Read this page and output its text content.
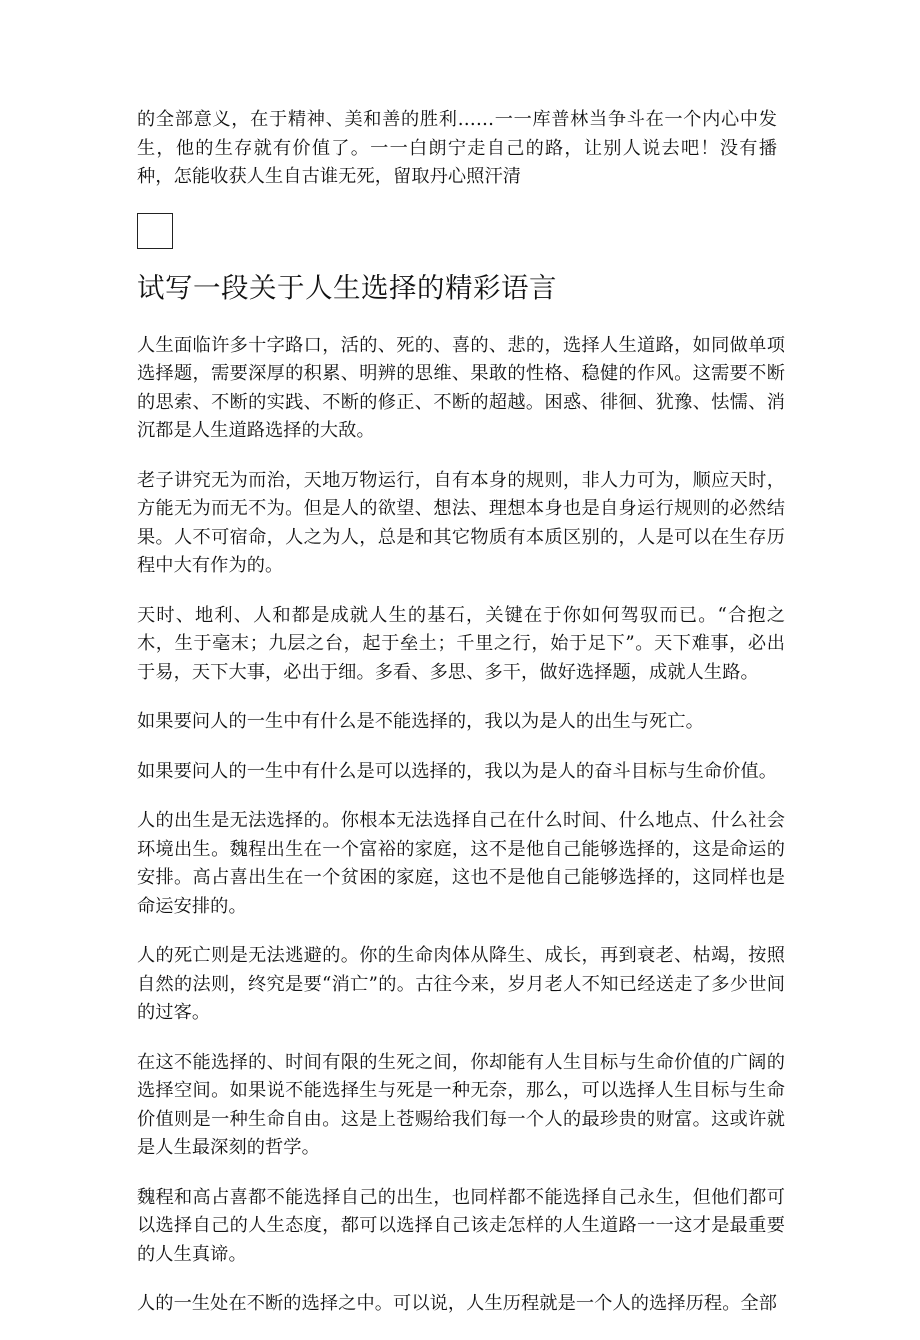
的全部意义，在于精神、美和善的胜利……一一库普林当争斗在一个内心中发生，他的生存就有价值了。一一白朗宁走自己的路，让别人说去吧！没有播种，怎能收获人生自古谁无死，留取丹心照汗清

试写一段关于人生选择的精彩语言

人生面临许多十字路口，活的、死的、喜的、悲的，选择人生道路，如同做单项选择题，需要深厚的积累、明辨的思维、果敢的性格、稳健的作风。这需要不断的思索、不断的实践、不断的修正、不断的超越。困惑、徘徊、犹豫、怯懦、消沉都是人生道路选择的大敌。

老子讲究无为而治，天地万物运行，自有本身的规则，非人力可为，顺应天时，方能无为而无不为。但是人的欲望、想法、理想本身也是自身运行规则的必然结果。人不可宿命，人之为人，总是和其它物质有本质区别的，人是可以在生存历程中大有作为的。

天时、地利、人和都是成就人生的基石，关键在于你如何驾驭而已。“合抱之木，生于毫末；九层之台，起于垒土；千里之行，始于足下”。天下难事，必出于易，天下大事，必出于细。多看、多思、多干，做好选择题，成就人生路。

如果要问人的一生中有什么是不能选择的，我以为是人的出生与死亡。

如果要问人的一生中有什么是可以选择的，我以为是人的奋斗目标与生命价值。

人的出生是无法选择的。你根本无法选择自己在什么时间、什么地点、什么社会环境出生。魏程出生在一个富裕的家庭，这不是他自己能够选择的，这是命运的安排。高占喜出生在一个贫困的家庭，这也不是他自己能够选择的，这同样也是命运安排的。

人的死亡则是无法逃避的。你的生命肉体从降生、成长，再到衰老、枯竭，按照自然的法则，终究是要“消亡”的。古往今来，岁月老人不知已经送走了多少世间的过客。

在这不能选择的、时间有限的生死之间，你却能有人生目标与生命价值的广阔的选择空间。如果说不能选择生与死是一种无奈，那么，可以选择人生目标与生命价值则是一种生命自由。这是上苍赐给我们每一个人的最珍贵的财富。这或许就是人生最深刻的哲学。

魏程和高占喜都不能选择自己的出生，也同样都不能选择自己永生，但他们都可以选择自己的人生态度，都可以选择自己该走怎样的人生道路一一这才是最重要的人生真谛。

人的一生处在不断的选择之中。可以说，人生历程就是一个人的选择历程。全部
